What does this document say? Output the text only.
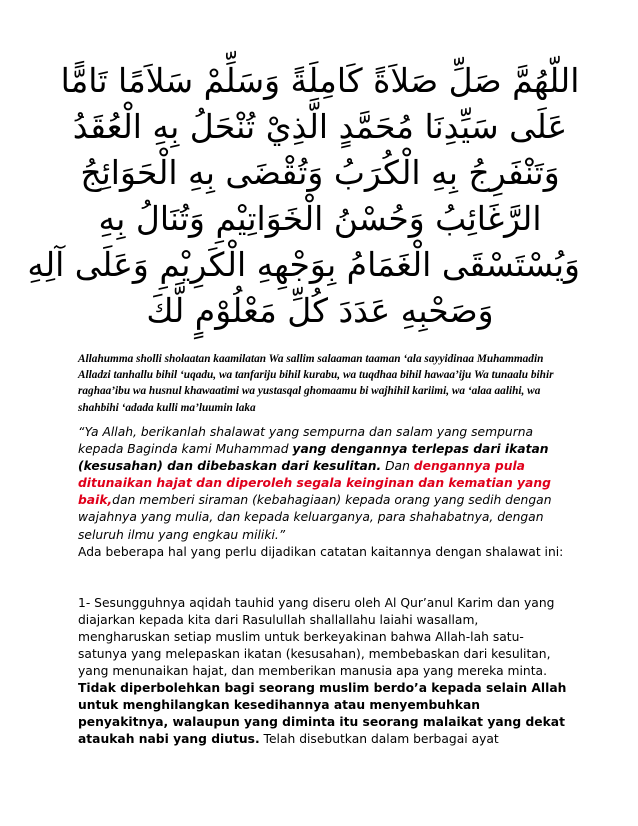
اللّهُمَّ صَلِّ صَلاَةً كَامِلَةً وَسَلِّمْ سَلاَمًا تَامًّا
عَلَى سَيِّدِنَا مُحَمَّدٍ الَّذِيْ تُنْحَلُ بِهِ الْعُقَدُ
وَتَنْفَرِجُ بِهِ الْكُرَبُ وَتُقْضَى بِهِ الْحَوَائِجُ
الرَّغَائِبُ وَحُسْنُ الْخَوَاتِيْمِ وَتُنَالُ بِهِ
وَيُسْتَسْقَى الْغَمَامُ بِوَجْهِهِ الْكَرِيْمِ وَعَلَى آلِهِ
وَصَحْبِهِ عَدَدَ كُلِّ مَعْلُوْمٍ لَّكَ
Allahumma sholli sholaatan kaamilatan Wa sallim salaaman taaman ‘ala sayyidinaa Muhammadin Alladzi tanhallu bihil ‘uqadu, wa tanfariju bihil kurabu, wa tuqdhaa bihil hawaa’iju Wa tunaalu bihir raghaa’ibu wa husnul khawaatimi wa yustasqal ghomaamu bi wajhihil kariimi, wa ‘alaa aalihi, wa shahbihi ‘adada kulli ma’luumin laka
“Ya Allah, berikanlah shalawat yang sempurna dan salam yang sempurna kepada Baginda kami Muhammad yang dengannya terlepas dari ikatan (kesusahan) dan dibebaskan dari kesulitan. Dan dengannya pula ditunaikan hajat dan diperoleh segala keinginan dan kematian yang baik,dan memberi siraman (kebahagiaan) kepada orang yang sedih dengan wajahnya yang mulia, dan kepada keluarganya, para shahabatnya, dengan seluruh ilmu yang engkau miliki.”
Ada beberapa hal yang perlu dijadikan catatan kaitannya dengan shalawat ini:
1- Sesungguhnya aqidah tauhid yang diseru oleh Al Qur’anul Karim dan yang diajarkan kepada kita dari Rasulullah shallallahu laiahi wasallam, mengharuskan setiap muslim untuk berkeyakinan bahwa Allah-lah satu-satunya yang melepaskan ikatan (kesusahan), membebaskan dari kesulitan, yang menunaikan hajat, dan memberikan manusia apa yang mereka minta.
Tidak diperbolehkan bagi seorang muslim berdo’a kepada selain Allah untuk menghilangkan kesedihannya atau menyembuhkan penyakitnya, walaupun yang diminta itu seorang malaikat yang dekat ataukah nabi yang diutus. Telah disebutkan dalam berbagai ayat
